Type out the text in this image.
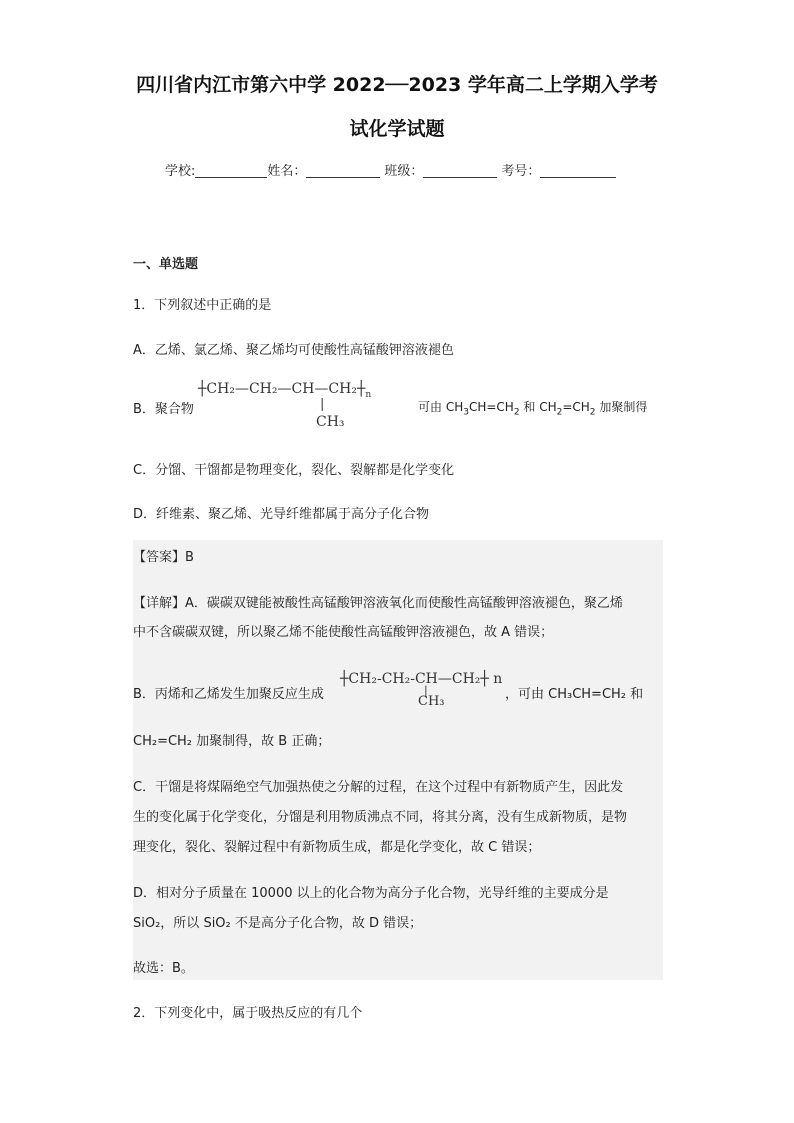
四川省内江市第六中学 2022──2023 学年高二上学期入学考
试化学试题
学校:	姓名：	班级：	考号：
一、单选题
1．下列叙述中正确的是
A．乙烯、氯乙烯、聚乙烯均可使酸性高锰酸钾溶液褪色
B．聚合物
$┼CH_2—CH_2—CH—CH_2┼_n$
|
CH₃
可由 $CH_3CH=CH_2$ 和 $CH_2=CH_2$ 加聚制得
C．分馏、干馏都是物理变化，裂化、裂解都是化学变化
D．纤维素、聚乙烯、光导纤维都属于高分子化合物
【答案】B
【详解】A．碳碳双键能被酸性高锰酸钾溶液氧化而使酸性高锰酸钾溶液褪色，聚乙烯
中不含碳碳双键，所以聚乙烯不能使酸性高锰酸钾溶液褪色，故 A 错误；
B．丙烯和乙烯发生加聚反应生成
┼CH₂-CH₂-CH—CH₂┼ n
|
CH₃	，可由 CH₃CH=CH₂ 和
CH₂=CH₂ 加聚制得，故 B 正确；
C．干馏是将煤隔绝空气加强热使之分解的过程，在这个过程中有新物质产生，因此发
生的变化属于化学变化，分馏是利用物质沸点不同，将其分离，没有生成新物质，是物
理变化，裂化、裂解过程中有新物质生成，都是化学变化，故 C 错误；
D．相对分子质量在 10000 以上的化合物为高分子化合物，光导纤维的主要成分是
SiO₂，所以 SiO₂ 不是高分子化合物，故 D 错误；
故选：B。
2．下列变化中，属于吸热反应的有几个
